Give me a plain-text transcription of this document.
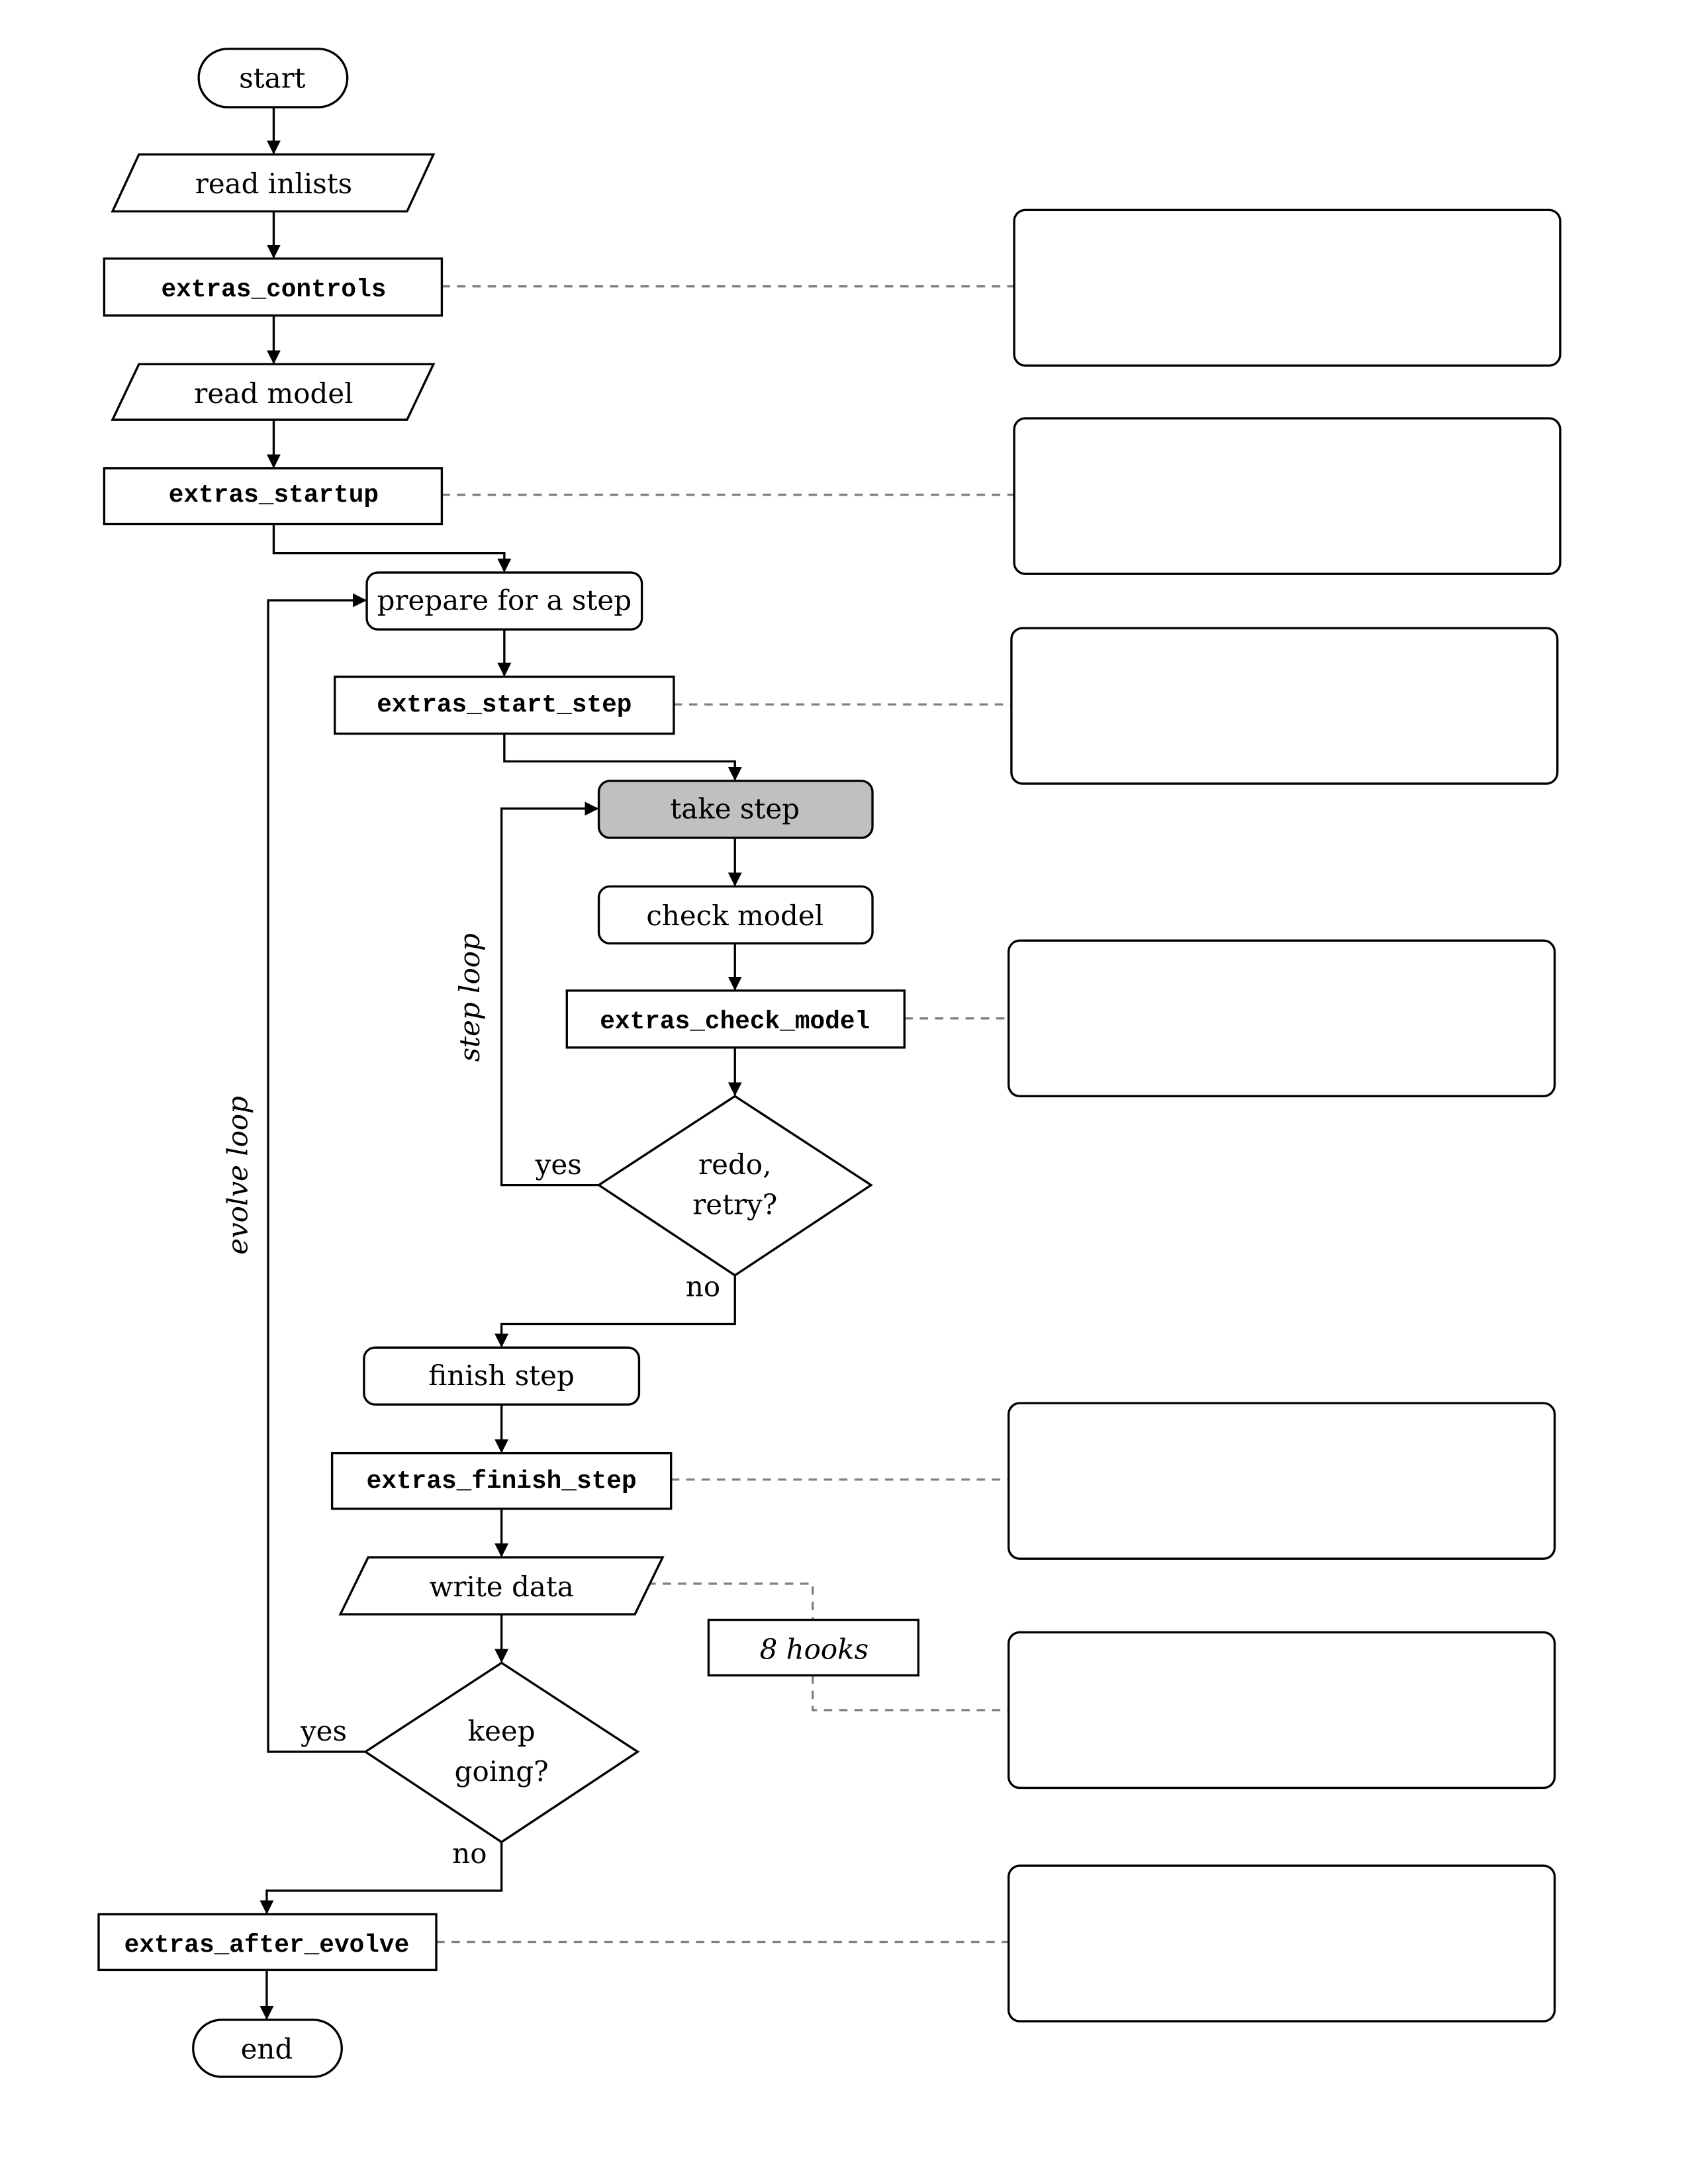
start
read inlists
extras_controls
read model
extras_startup
prepare for a step
extras_start_step
take step
check model
extras_check_model
redo,
retry?
yes
no
step loop
evolve loop
finish step
extras_finish_step
write data
8 hooks
keep
going?
yes
no
extras_after_evolve
end
